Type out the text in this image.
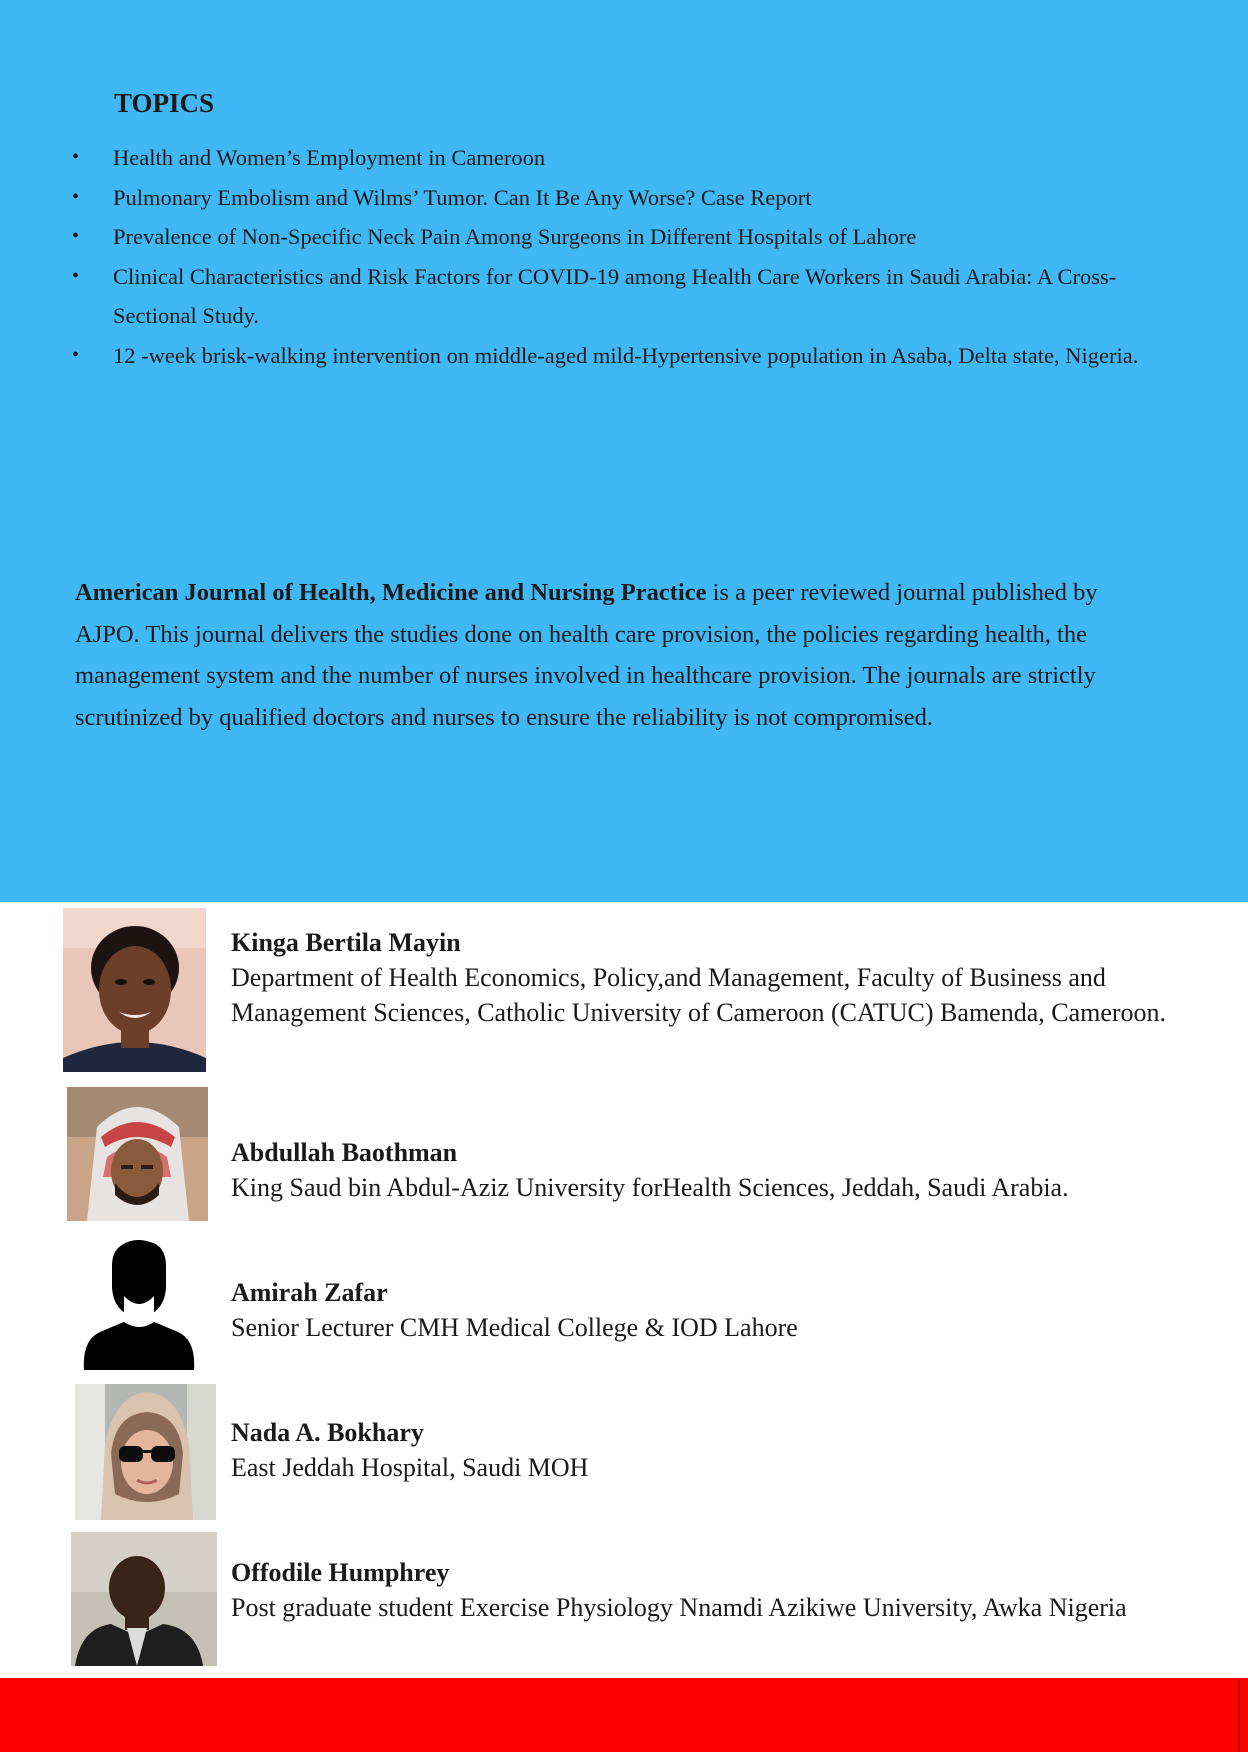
TOPICS
• Health and Women’s Employment in Cameroon
• Pulmonary Embolism and Wilms’ Tumor. Can It Be Any Worse? Case Report
• Prevalence of Non-Specific Neck Pain Among Surgeons in Different Hospitals of Lahore
• Clinical Characteristics and Risk Factors for COVID-19 among Health Care Workers in Saudi Arabia: A Cross-Sectional Study.
• 12 -week brisk-walking intervention on middle-aged mild-Hypertensive population in Asaba, Delta state, Nigeria.

American Journal of Health, Medicine and Nursing Practice is a peer reviewed journal published by AJPO. This journal delivers the studies done on health care provision, the policies regarding health, the management system and the number of nurses involved in healthcare provision. The journals are strictly scrutinized by qualified doctors and nurses to ensure the reliability is not compromised.

Kinga Bertila Mayin
Department of Health Economics, Policy,and Management, Faculty of Business and Management Sciences, Catholic University of Cameroon (CATUC) Bamenda, Cameroon.
Abdullah Baothman
King Saud bin Abdul-Aziz University forHealth Sciences, Jeddah, Saudi Arabia.
Amirah Zafar
Senior Lecturer CMH Medical College & IOD Lahore
Nada A. Bokhary
East Jeddah Hospital, Saudi MOH
Offodile Humphrey
Post graduate student Exercise Physiology Nnamdi Azikiwe University, Awka Nigeria
